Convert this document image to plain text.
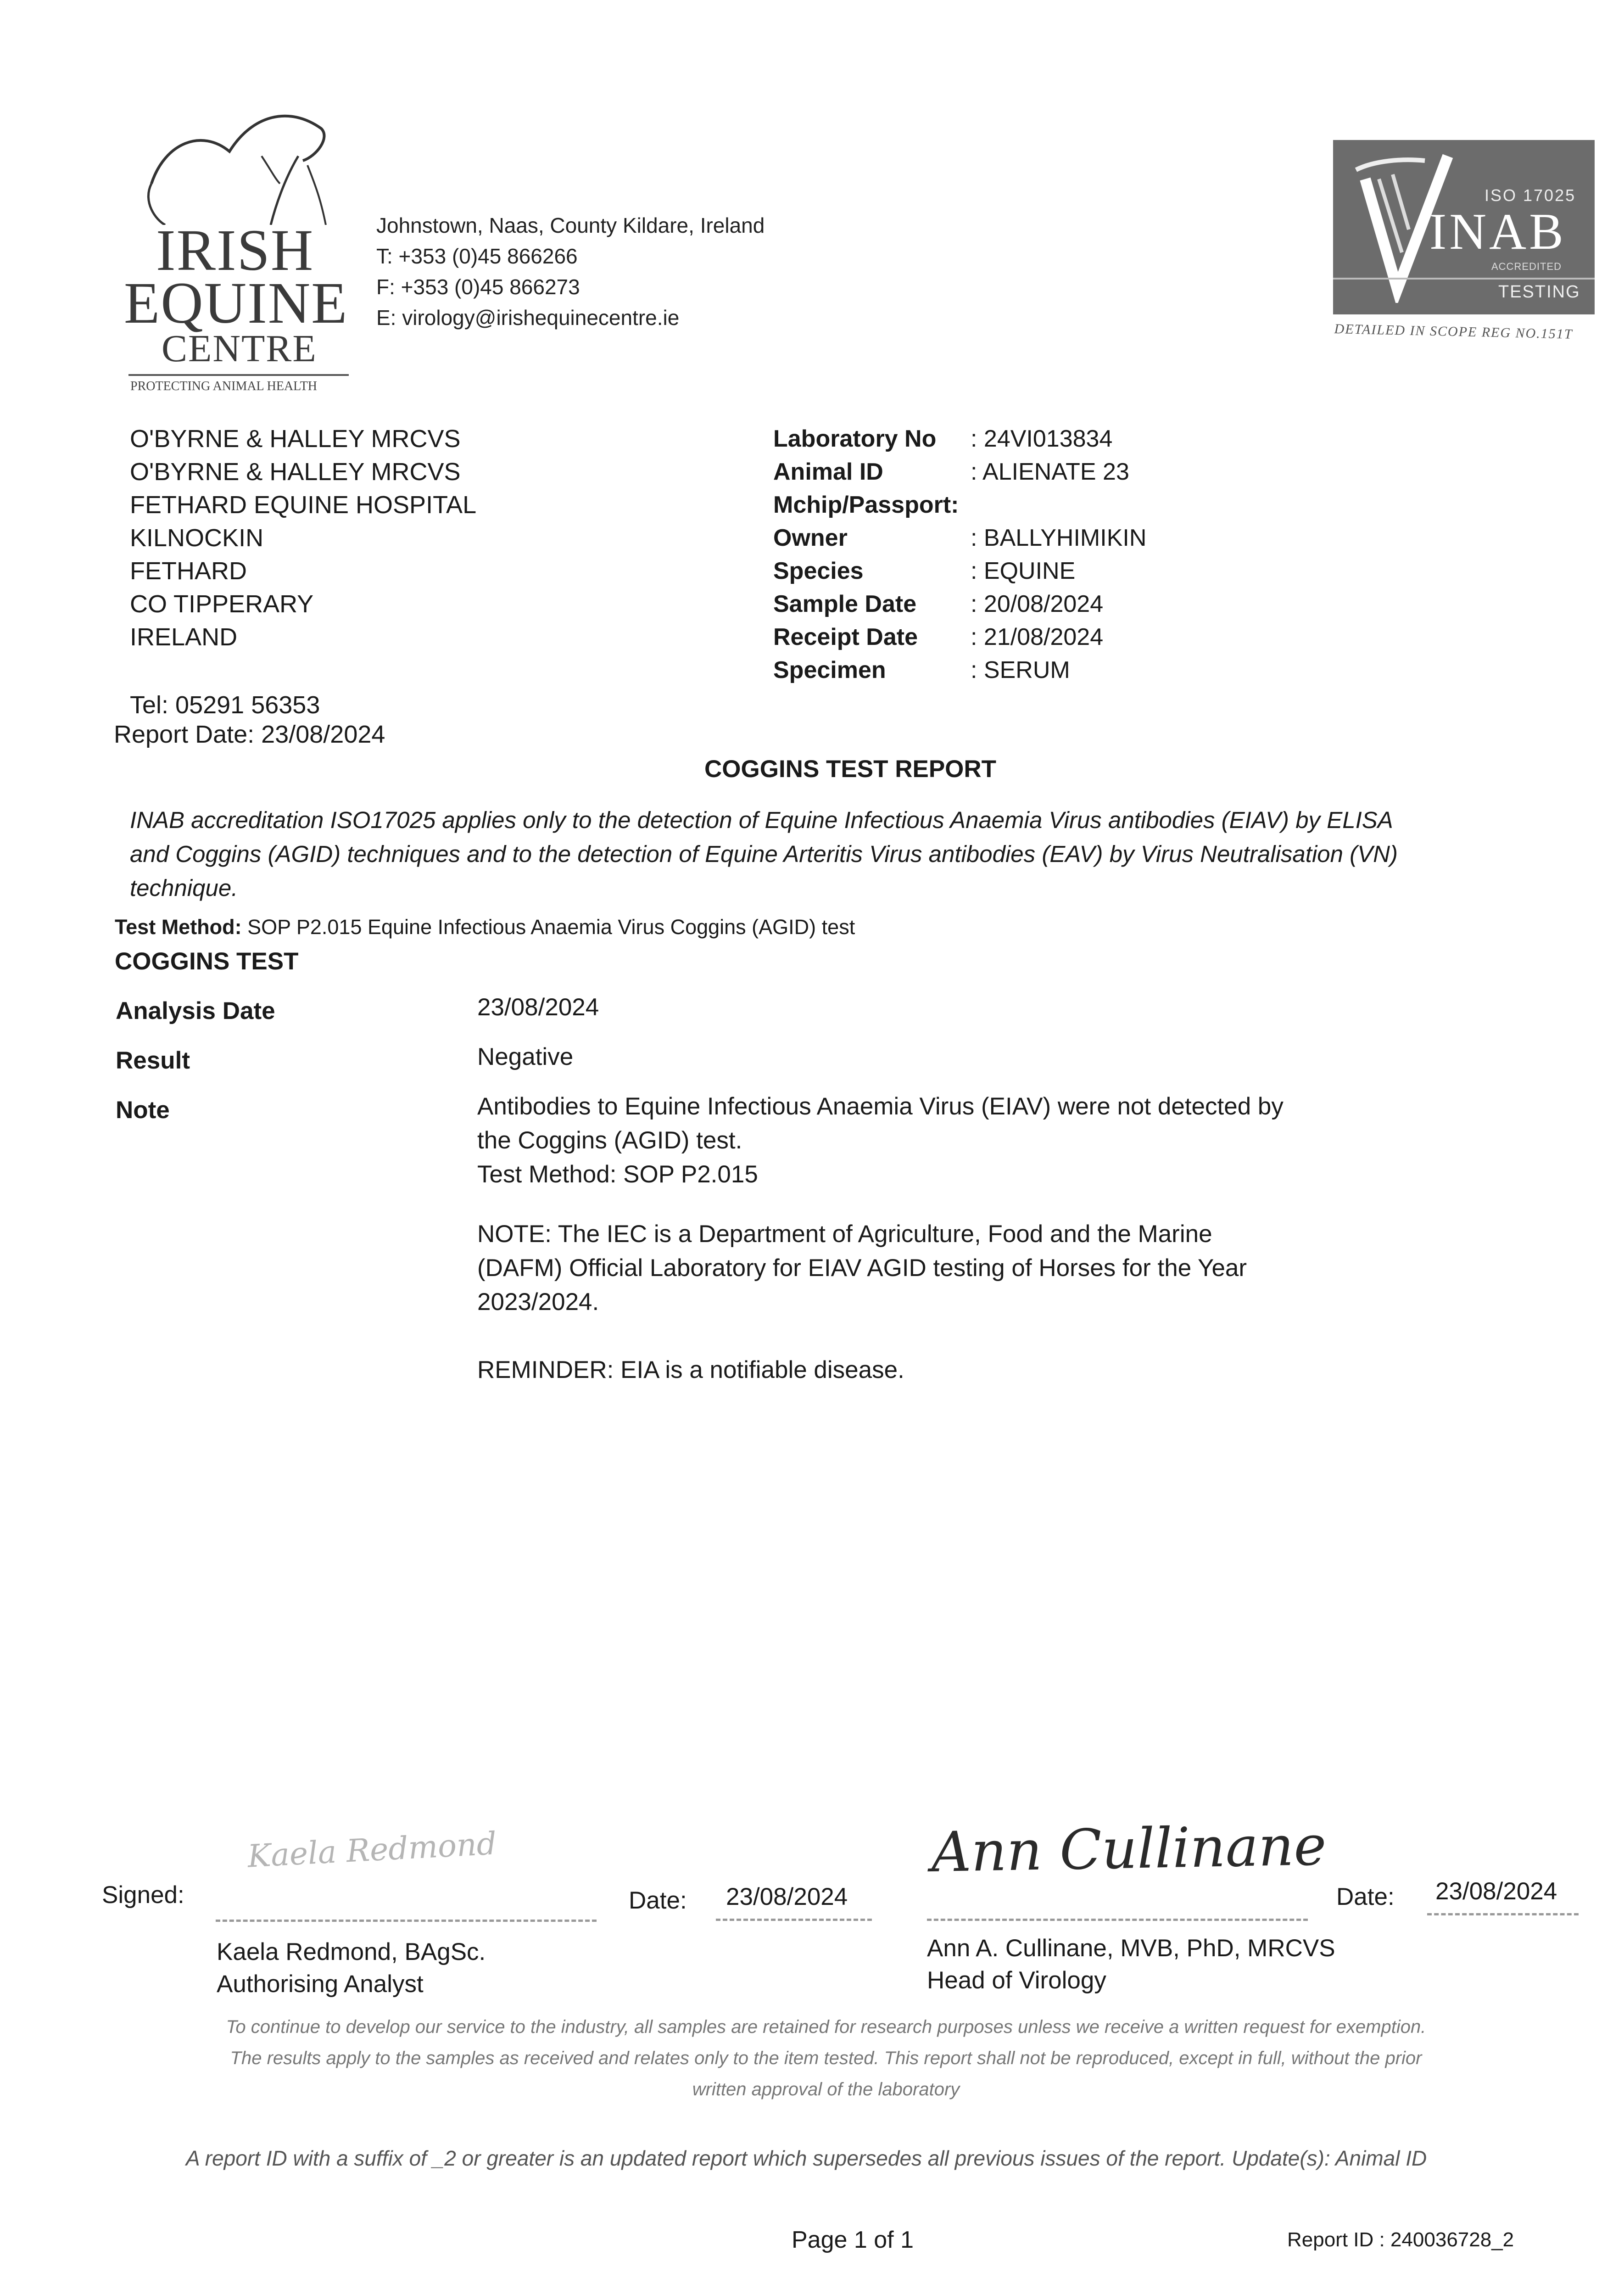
IRISH
EQUINE
CENTRE
PROTECTING ANIMAL HEALTH
Johnstown, Naas, County Kildare, Ireland
T: +353 (0)45 866266
F: +353 (0)45 866273
E: virology@irishequinecentre.ie
ISO 17025
INAB
ACCREDITED
TESTING
DETAILED IN SCOPE REG NO.151T
O'BYRNE & HALLEY MRCVS
O'BYRNE & HALLEY MRCVS
FETHARD EQUINE HOSPITAL
KILNOCKIN
FETHARD
CO TIPPERARY
IRELAND
Tel: 05291 56353
Report Date: 23/08/2024
Laboratory No : 24VI013834
Animal ID	: ALIENATE 23
Mchip/Passport:
Owner	: BALLYHIMIKIN
Species	: EQUINE
Sample Date : 20/08/2024
Receipt Date : 21/08/2024
Specimen	: SERUM
COGGINS TEST REPORT
INAB accreditation ISO17025 applies only to the detection of Equine Infectious Anaemia Virus antibodies (EIAV) by ELISA
and Coggins (AGID) techniques and to the detection of Equine Arteritis Virus antibodies (EAV) by Virus Neutralisation (VN)
technique.
Test Method: SOP P2.015 Equine Infectious Anaemia Virus Coggins (AGID) test
COGGINS TEST
Analysis Date	23/08/2024
Result	Negative
Note	Antibodies to Equine Infectious Anaemia Virus (EIAV) were not detected by
the Coggins (AGID) test.
Test Method: SOP P2.015
NOTE: The IEC is a Department of Agriculture, Food and the Marine
(DAFM) Official Laboratory for EIAV AGID testing of Horses for the Year
2023/2024.
REMINDER: EIA is a notifiable disease.
Signed:
Kaela Redmond
Date: 23/08/2024
Ann Cullinane
Date: 23/08/2024
Kaela Redmond, BAgSc.
Authorising Analyst
Ann A. Cullinane, MVB, PhD, MRCVS
Head of Virology
To continue to develop our service to the industry, all samples are retained for research purposes unless we receive a written request for exemption.
The results apply to the samples as received and relates only to the item tested. This report shall not be reproduced, except in full, without the prior
written approval of the laboratory
A report ID with a suffix of _2 or greater is an updated report which supersedes all previous issues of the report. Update(s): Animal ID
Page 1 of 1	Report ID : 240036728_2
